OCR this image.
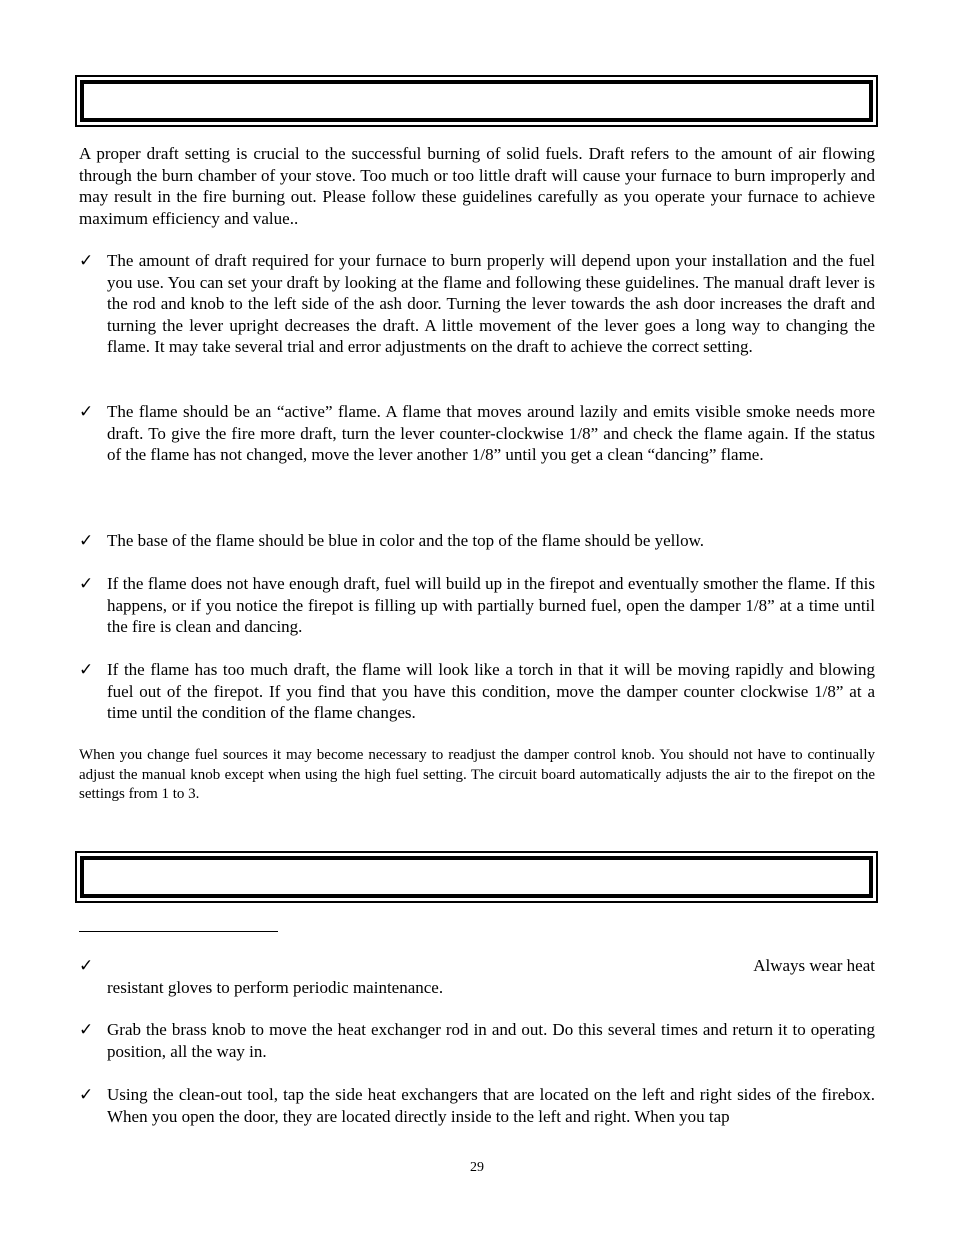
A proper draft setting is crucial to the successful burning of solid fuels. Draft refers to the amount of air flowing through the burn chamber of your stove. Too much or too little draft will cause your furnace to burn improperly and may result in the fire burning out. Please follow these guidelines carefully as you operate your furnace to achieve maximum efficiency and value..

✓ The amount of draft required for your furnace to burn properly will depend upon your installation and the fuel you use. You can set your draft by looking at the flame and following these guidelines. The manual draft lever is the rod and knob to the left side of the ash door. Turning the lever towards the ash door increases the draft and turning the lever upright decreases the draft. A little movement of the lever goes a long way to changing the flame. It may take several trial and error adjustments on the draft to achieve the correct setting.
✓ The flame should be an “active” flame. A flame that moves around lazily and emits visible smoke needs more draft. To give the fire more draft, turn the lever counter-clockwise 1/8” and check the flame again. If the status of the flame has not changed, move the lever another 1/8” until you get a clean “dancing” flame.
✓ The base of the flame should be blue in color and the top of the flame should be yellow.
✓ If the flame does not have enough draft, fuel will build up in the firepot and eventually smother the flame. If this happens, or if you notice the firepot is filling up with partially burned fuel, open the damper 1/8” at a time until the fire is clean and dancing.
✓ If the flame has too much draft, the flame will look like a torch in that it will be moving rapidly and blowing fuel out of the firepot. If you find that you have this condition, move the damper counter clockwise 1/8” at a time until the condition of the flame changes.

When you change fuel sources it may become necessary to readjust the damper control knob. You should not have to continually adjust the manual knob except when using the high fuel setting. The circuit board automatically adjusts the air to the firepot on the settings from 1 to 3.

✓	Always wear heat
resistant gloves to perform periodic maintenance.
✓ Grab the brass knob to move the heat exchanger rod in and out. Do this several times and return it to operating position, all the way in.
✓ Using the clean-out tool, tap the side heat exchangers that are located on the left and right sides of the firebox. When you open the door, they are located directly inside to the left and right. When you tap
29
